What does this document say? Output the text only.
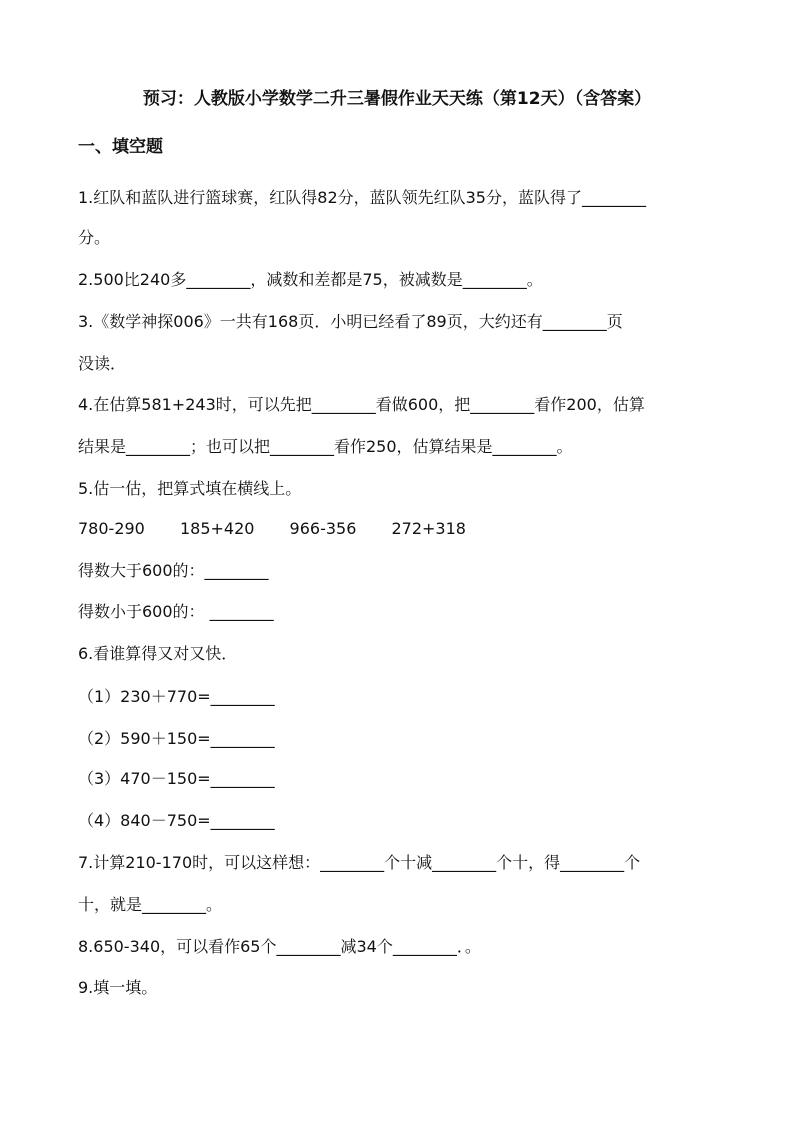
预习：人教版小学数学二升三暑假作业天天练（第12天）（含答案）
一、填空题
1.红队和蓝队进行篮球赛，红队得82分，蓝队领先红队35分，蓝队得了________
分。
2.500比240多________，减数和差都是75，被减数是________。
3.《数学神探006》一共有168页．小明已经看了89页，大约还有________页
没读．
4.在估算581+243时，可以先把________看做600，把________看作200，估算
结果是________；也可以把________看作250，估算结果是________。
5.估一估，把算式填在横线上。
780-290 185+420 966-356 272+318
得数大于600的：________
得数小于600的： ________
6.看谁算得又对又快．
（1）230＋770=________
（2）590＋150=________
（3）470－150=________
（4）840－750=________
7.计算210-170时，可以这样想：________个十减________个十，得________个
十，就是________。
8.650-340，可以看作65个________减34个________．。
9.填一填。
